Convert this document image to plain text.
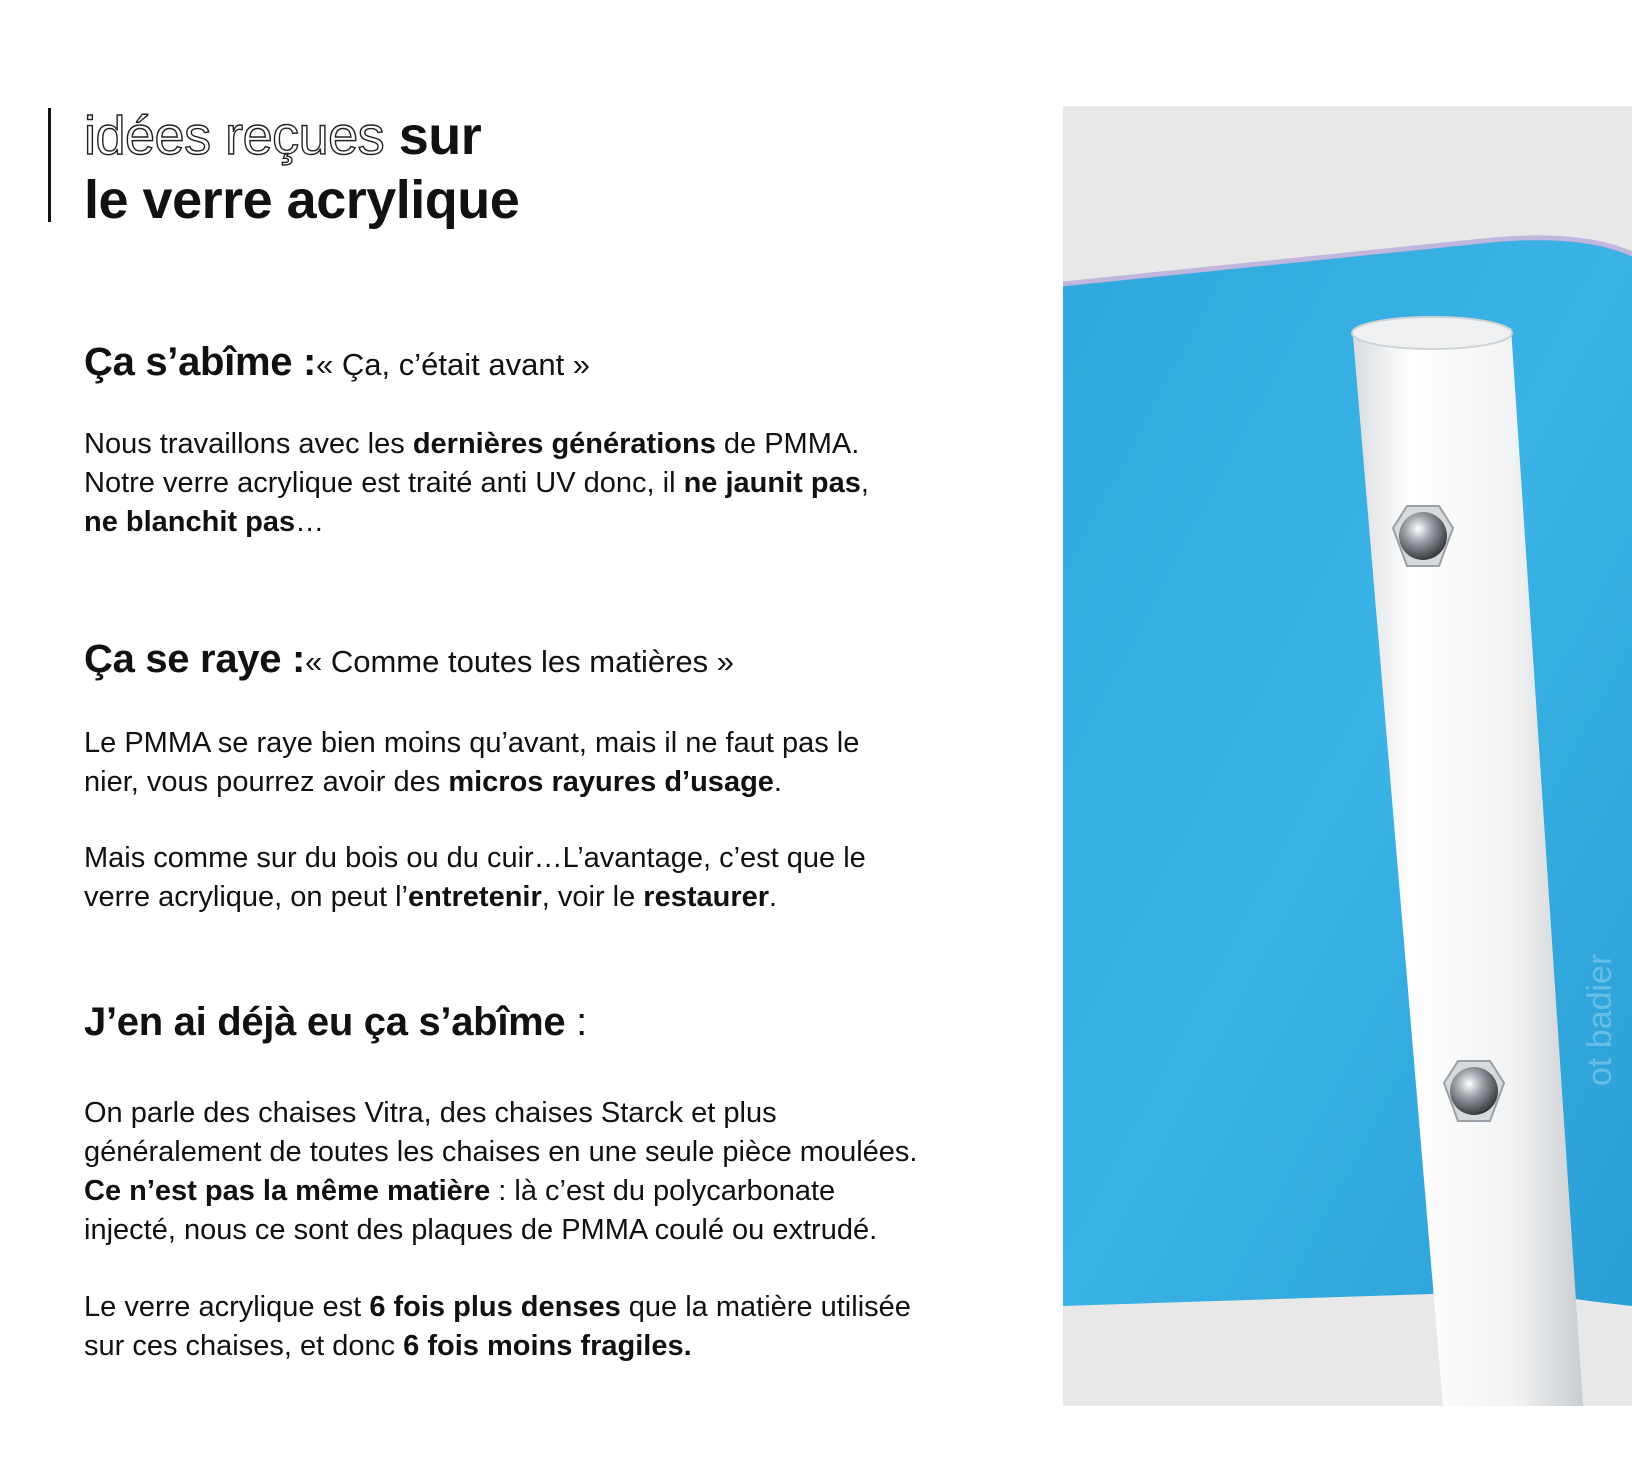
idées reçues sur
le verre acrylique
Ça s’abîme :« Ça, c’était avant »
Nous travaillons avec les dernières générations de PMMA.
Notre verre acrylique est traité anti UV donc, il ne jaunit pas,
ne blanchit pas…
Ça se raye :« Comme toutes les matières »
Le PMMA se raye bien moins qu’avant, mais il ne faut pas le
nier, vous pourrez avoir des micros rayures d’usage.
Mais comme sur du bois ou du cuir…L’avantage, c’est que le
verre acrylique, on peut l’entretenir, voir le restaurer.
J’en ai déjà eu ça s’abîme :
On parle des chaises Vitra, des chaises Starck et plus
généralement de toutes les chaises en une seule pièce moulées.
Ce n’est pas la même matière : là c’est du polycarbonate
injecté, nous ce sont des plaques de PMMA coulé ou extrudé.
Le verre acrylique est 6 fois plus denses que la matière utilisée
sur ces chaises, et donc 6 fois moins fragiles.
ot badier
